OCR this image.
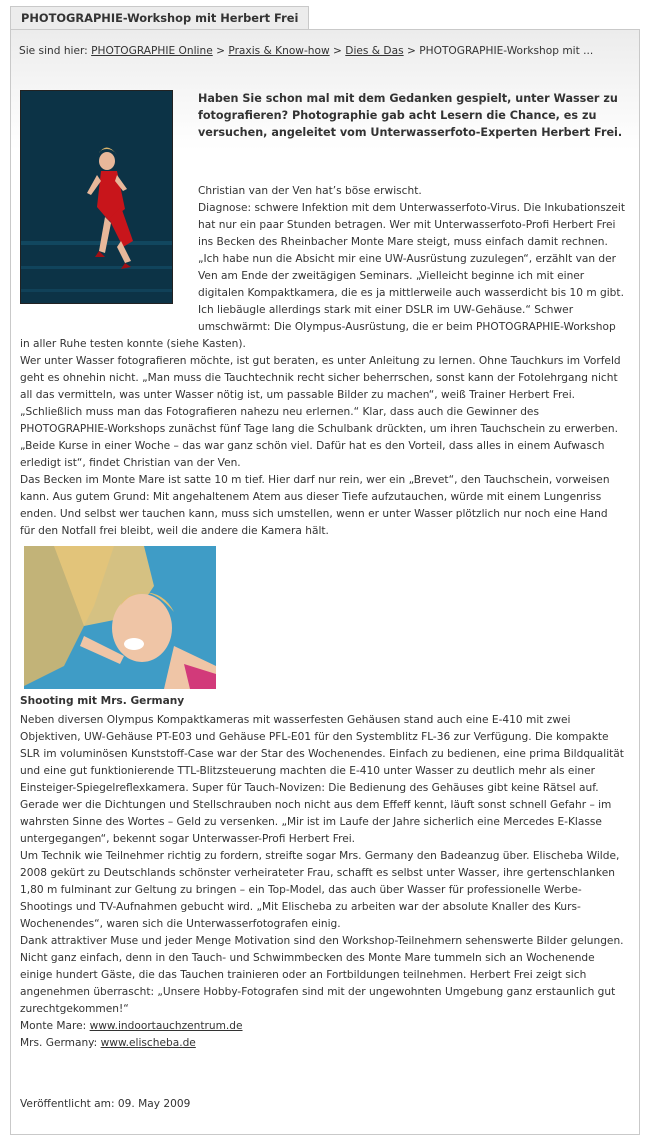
PHOTOGRAPHIE-Workshop mit Herbert Frei
Sie sind hier: PHOTOGRAPHIE Online > Praxis & Know-how > Dies & Das > PHOTOGRAPHIE-Workshop mit ...
Haben Sie schon mal mit dem Gedanken gespielt, unter Wasser zu fotografieren? Photographie gab acht Lesern die Chance, es zu versuchen, angeleitet vom Unterwasserfoto-Experten Herbert Frei.

Christian van der Ven hat’s böse erwischt.

Diagnose: schwere Infektion mit dem Unterwasserfoto-Virus. Die Inkubationszeit hat nur ein paar Stunden betragen. Wer mit Unterwasserfoto-Profi Herbert Frei ins Becken des Rheinbacher Monte Mare steigt, muss einfach damit rechnen. „Ich habe nun die Absicht mir eine UW-Ausrüstung zuzulegen“, erzählt van der Ven am Ende der zweitägigen Seminars. „Vielleicht beginne ich mit einer digitalen Kompaktkamera, die es ja mittlerweile auch wasserdicht bis 10 m gibt. Ich liebäugle allerdings stark mit einer DSLR im UW-Gehäuse.“ Schwer umschwärmt: Die Olympus-Ausrüstung, die er beim PHOTOGRAPHIE-Workshop in aller Ruhe testen konnte (siehe Kasten).

Wer unter Wasser fotografieren möchte, ist gut beraten, es unter Anleitung zu lernen. Ohne Tauchkurs im Vorfeld geht es ohnehin nicht. „Man muss die Tauchtechnik recht sicher beherrschen, sonst kann der Fotolehrgang nicht all das vermitteln, was unter Wasser nötig ist, um passable Bilder zu machen“, weiß Trainer Herbert Frei. „Schließlich muss man das Fotografieren nahezu neu erlernen.“ Klar, dass auch die Gewinner des PHOTOGRAPHIE-Workshops zunächst fünf Tage lang die Schulbank drückten, um ihren Tauchschein zu erwerben. „Beide Kurse in einer Woche – das war ganz schön viel. Dafür hat es den Vorteil, dass alles in einem Aufwasch erledigt ist“, findet Christian van der Ven.

Das Becken im Monte Mare ist satte 10 m tief. Hier darf nur rein, wer ein „Brevet“, den Tauchschein, vorweisen kann. Aus gutem Grund: Mit angehaltenem Atem aus dieser Tiefe aufzutauchen, würde mit einem Lungenriss enden. Und selbst wer tauchen kann, muss sich umstellen, wenn er unter Wasser plötzlich nur noch eine Hand für den Notfall frei bleibt, weil die andere die Kamera hält.

Shooting mit Mrs. Germany

Neben diversen Olympus Kompaktkameras mit wasserfesten Gehäusen stand auch eine E-410 mit zwei Objektiven, UW-Gehäuse PT-E03 und Gehäuse PFL-E01 für den Systemblitz FL-36 zur Verfügung. Die kompakte SLR im voluminösen Kunststoff-Case war der Star des Wochenendes. Einfach zu bedienen, eine prima Bildqualität und eine gut funktionierende TTL-Blitzsteuerung machten die E-410 unter Wasser zu deutlich mehr als einer Einsteiger-Spiegelreflexkamera. Super für Tauch-Novizen: Die Bedienung des Gehäuses gibt keine Rätsel auf. Gerade wer die Dichtungen und Stellschrauben noch nicht aus dem Effeff kennt, läuft sonst schnell Gefahr – im wahrsten Sinne des Wortes – Geld zu versenken. „Mir ist im Laufe der Jahre sicherlich eine Mercedes E-Klasse untergegangen“, bekennt sogar Unterwasser-Profi Herbert Frei.

Um Technik wie Teilnehmer richtig zu fordern, streifte sogar Mrs. Germany den Badeanzug über. Elischeba Wilde, 2008 gekürt zu Deutschlands schönster verheirateter Frau, schafft es selbst unter Wasser, ihre gertenschlanken 1,80 m fulminant zur Geltung zu bringen – ein Top-Model, das auch über Wasser für professionelle Werbe-Shootings und TV-Aufnahmen gebucht wird. „Mit Elischeba zu arbeiten war der absolute Knaller des Kurs-Wochenendes“, waren sich die Unterwasserfotografen einig.

Dank attraktiver Muse und jeder Menge Motivation sind den Workshop-Teilnehmern sehenswerte Bilder gelungen. Nicht ganz einfach, denn in den Tauch- und Schwimmbecken des Monte Mare tummeln sich an Wochenende einige hundert Gäste, die das Tauchen trainieren oder an Fortbildungen teilnehmen. Herbert Frei zeigt sich angenehmen überrascht: „Unsere Hobby-Fotografen sind mit der ungewohnten Umgebung ganz erstaunlich gut zurechtgekommen!“

Monte Mare: www.indoortauchzentrum.de
Mrs. Germany: www.elischeba.de
Veröffentlicht am: 09. May 2009
